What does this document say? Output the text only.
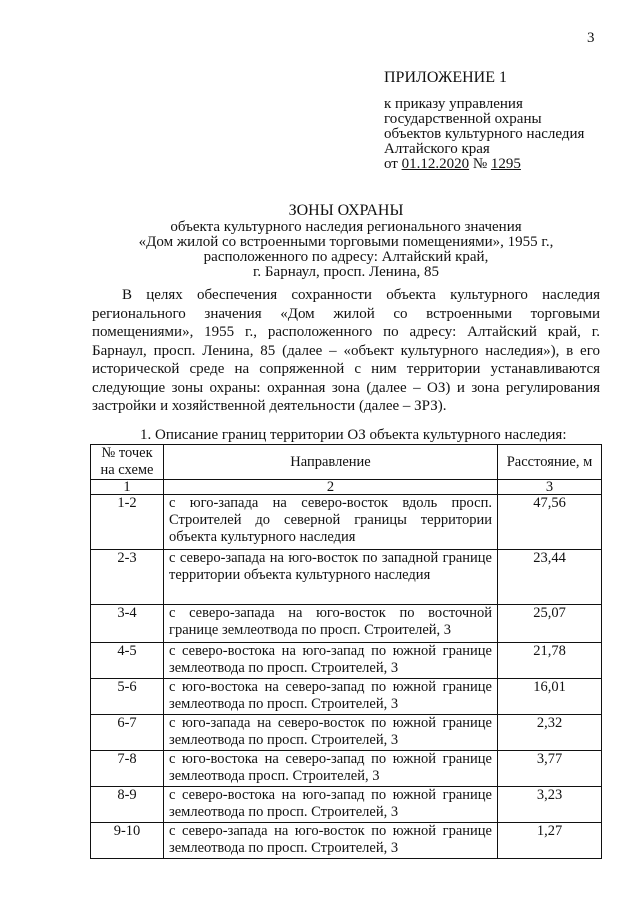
3
ПРИЛОЖЕНИЕ 1
к приказу управления
государственной охраны
объектов культурного наследия
Алтайского края
от 01.12.2020 № 1295
ЗОНЫ ОХРАНЫ
объекта культурного наследия регионального значения
«Дом жилой со встроенными торговыми помещениями», 1955 г.,
расположенного по адресу: Алтайский край,
г. Барнаул, просп. Ленина, 85
В целях обеспечения сохранности объекта культурного наследия регионального значения «Дом жилой со встроенными торговыми помещениями», 1955 г., расположенного по адресу: Алтайский край, г. Барнаул, просп. Ленина, 85 (далее – «объект культурного наследия»), в его исторической среде на сопряженной с ним территории устанавливаются следующие зоны охраны: охранная зона (далее – ОЗ) и зона регулирования застройки и хозяйственной деятельности (далее – ЗРЗ).
1. Описание границ территории ОЗ объекта культурного наследия:
№ точек на схеме	Направление	Расстояние, м
1	2	3
1-2	с юго-запада на северо-восток вдоль просп. Строителей до северной границы территории объекта культурного наследия	47,56
2-3	с северо-запада на юго-восток по западной границе территории объекта культурного наследия	23,44
3-4	с северо-запада на юго-восток по восточной границе землеотвода по просп. Строителей, 3	25,07
4-5	с северо-востока на юго-запад по южной границе землеотвода по просп. Строителей, 3	21,78
5-6	с юго-востока на северо-запад по южной границе землеотвода по просп. Строителей, 3	16,01
6-7	с юго-запада на северо-восток по южной границе землеотвода по просп. Строителей, 3	2,32
7-8	с юго-востока на северо-запад по южной границе землеотвода просп. Строителей, 3	3,77
8-9	с северо-востока на юго-запад по южной границе землеотвода по просп. Строителей, 3	3,23
9-10	с северо-запада на юго-восток по южной границе землеотвода по просп. Строителей, 3	1,27
